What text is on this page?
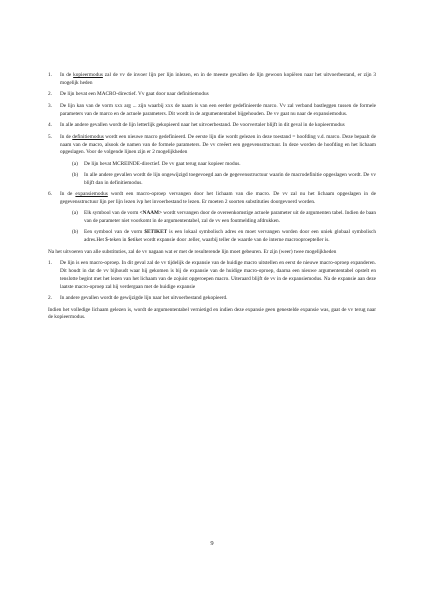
1. In de kopieermodus zal de vv de invoer lijn per lijn inlezen, en in de meeste gevallen de lijn gewoon kopiëren naar het uitvoerbestand, er zijn 3 mogelijk heden
2. De lijn bevat een MACRO-directief. Vv gaat door naar definitiemodus
3. De lijn kan van de vorm xxx arg ... zijn waarbij xxx de naam is van een eerder gedefinieerde marco. Vv zal verband bastleggen tussen de formele parameters van de marco en de actuele parameters. Dit wordt in de argumententabel bijgehouden. De vv gaat nu naar de expansiemodus.
4. In alle andere gevallen wordt de lijn letterlijk gekopieerd naar het uitvoerbestand. De voorvertaler blijft in dit geval in de kopieermodus
5. In de definitiemodus wordt een nieuwe macro gedefinieerd. De eerste lijn die wordt gelezen in deze toestand = hoofding v.d. marco. Deze bepaalt de naam van de macro, alsook de namen van de formele parameters. De vv creëert een gegevensstructuur. In deze worden de hoofding en het lichaam opgeslagen. Voor de volgende lijnen zijn er 2 mogelijkheden
(a) De lijn bevat MCREINDE-directief. De vv gaat terug naar kopieer modus.
(b) In alle andere gevallen wordt de lijn ongewijzigd toegevoegd aan de gegevensstructuur waarin de macrodefinitie opgeslagen wordt. De vv blijft dan in definitiemodus.
6. In de expansiemodus wordt een macro-oproep vervangen door het lichaam van die macro. De vv zal nu het lichaam opgeslagen in de gegevensstructuur lijn per lijn lezen ivp het invoerbestand te lezen. Er moeten 2 soorten substituties doorgevoerd worden.
(a) Elk symbool van de vorm <NAAM> wordt vervangen door de overeenkomstige actuele parameter uit de argumenten tabel. Indien de baan van de parameter niet voorkomt in de argumententabel, zal de vv een foutmelding afdrukken.
(b) Een symbool van de vorm $ETIKET is een lokaal symbolisch adres en moet vervangen worden door een uniek globaal symbolisch adres.Het $-teken in $etiket wordt expansie door .teller, waarbij teller de waarde van de interne macrooproepteller is.
Na het uitvoeren van alle substituties, zal de vv nagaan wat er met de resulterende lijn moet gebeuren. Er zijn (weer) twee mogelijkheden
1. De lijn is een macro-oproep. In dit geval zal de vv tijdelijk de expansie van de huidige macro uitstellen en eerst de nieuwe macro-oproep expanderen. Dit houdt in dat de vv bijhoudt waar hij gekomen is bij de expansie van de huidige macro-oproep, daarna een nieuwe argumententabel opstelt en tenslotte begint met het lezen van het lichaam van de zojuist opgeroepen macro. Uiteraard blijft de vv in de expansiemodus. Na de expansie aan deze laatste macro-oproep zal hij verdergaan met de huidige expansie
2. In andere gevallen wordt de gewijzigde lijn naar het uitvoerbestand gekopieerd.
Indien het volledige lichaam gelezen is, wordt de argumententabel vernietigd en indien deze expansie geen genestelde expansie was, gaat de vv terug naar de kopieermodus.
9
